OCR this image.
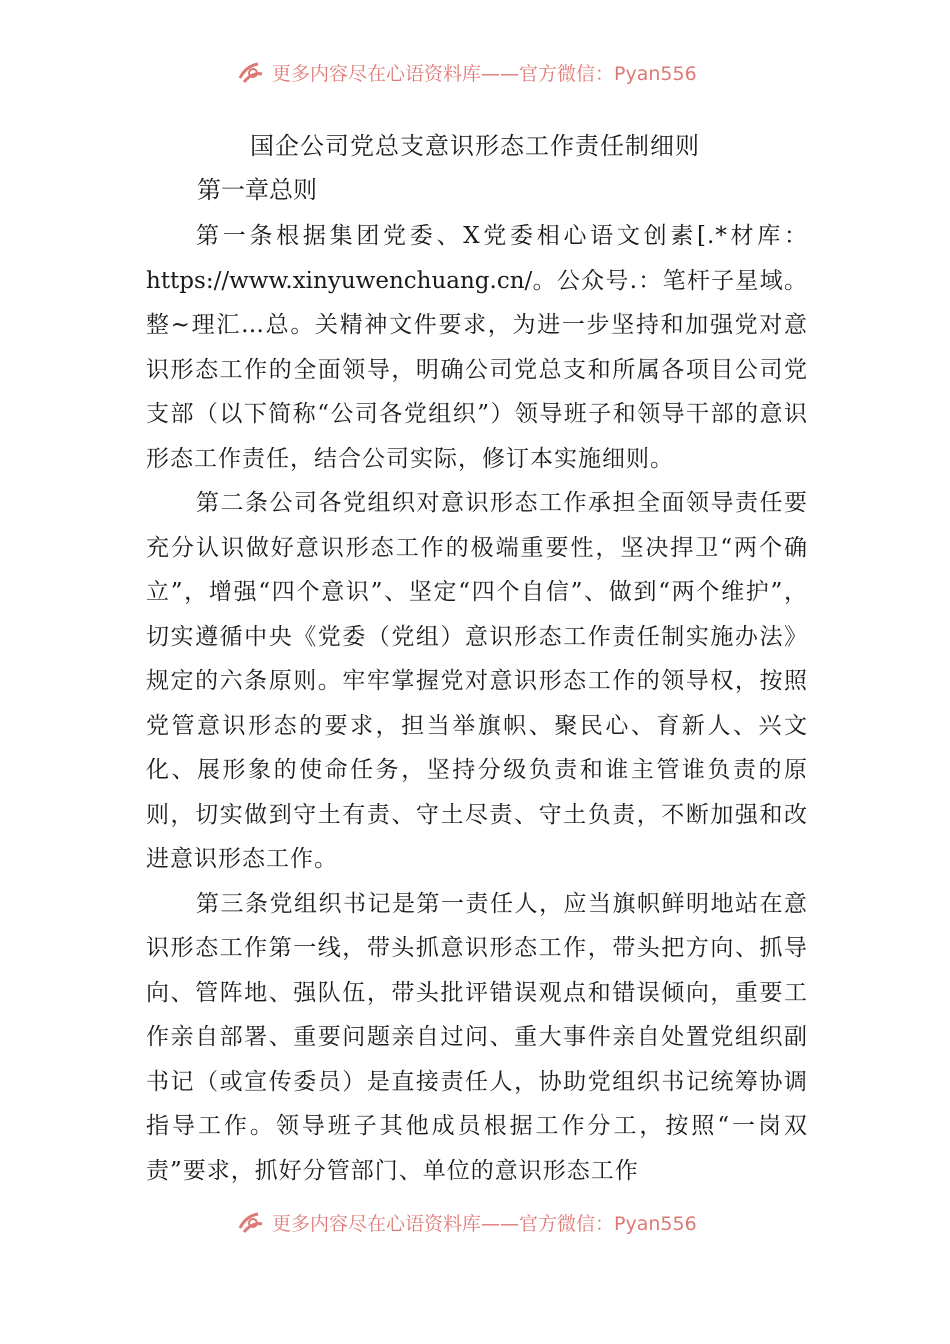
更多内容尽在心语资料库——官方微信：Pyan556
国企公司党总支意识形态工作责任制细则
第一章总则

第一条根据集团党委、X党委相心语文创素[.*材库：https://www.xinyuwenchuang.cn/。公众号.：笔杆子星域。整~理汇…总。关精神文件要求，为进一步坚持和加强党对意识形态工作的全面领导，明确公司党总支和所属各项目公司党支部（以下简称“公司各党组织”）领导班子和领导干部的意识形态工作责任，结合公司实际，修订本实施细则。

第二条公司各党组织对意识形态工作承担全面领导责任要充分认识做好意识形态工作的极端重要性，坚决捍卫“两个确立”，增强“四个意识”、坚定“四个自信”、做到“两个维护”，切实遵循中央《党委（党组）意识形态工作责任制实施办法》规定的六条原则。牢牢掌握党对意识形态工作的领导权，按照党管意识形态的要求，担当举旗帜、聚民心、育新人、兴文化、展形象的使命任务，坚持分级负责和谁主管谁负责的原则，切实做到守土有责、守土尽责、守土负责，不断加强和改进意识形态工作。

第三条党组织书记是第一责任人，应当旗帜鲜明地站在意识形态工作第一线，带头抓意识形态工作，带头把方向、抓导向、管阵地、强队伍，带头批评错误观点和错误倾向，重要工作亲自部署、重要问题亲自过问、重大事件亲自处置党组织副书记（或宣传委员）是直接责任人，协助党组织书记统筹协调指导工作。领导班子其他成员根据工作分工，按照“一岗双责”要求，抓好分管部门、单位的意识形态工作

更多内容尽在心语资料库——官方微信：Pyan556
